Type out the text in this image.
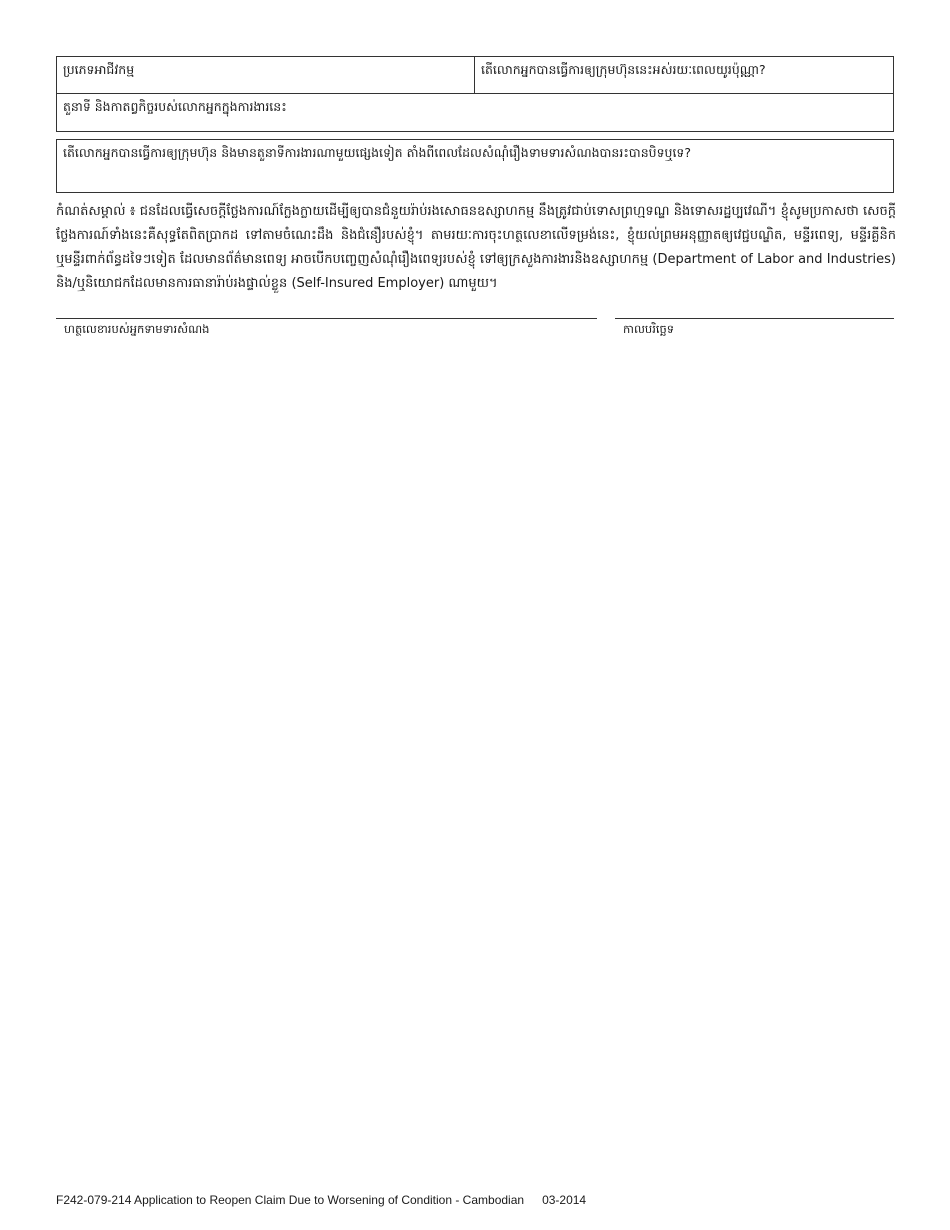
ប្រភេទអាជីវកម្ម	តើលោកអ្នកបានធ្វើការឲ្យក្រុមហ៊ុននេះអស់រយៈពេលយូរប៉ុណ្ណា?
តួនាទី និងកាតព្វកិច្ចរបស់លោកអ្នកក្នុងការងារនេះ
តើលោកអ្នកបានធ្វើការឲ្យក្រុមហ៊ុន និងមានតួនាទីការងារណាមួយផ្សេងទៀត តាំងពីពេលដែលសំណុំរឿងទាមទារសំណងបានរះបានបិទឬទេ?
កំណត់សម្គាល់ ៖ ជនដែលធ្វើសេចក្តីថ្លែងការណ៍ក្លែងក្លាយដើម្បីឲ្យបានជំនួយរ៉ាប់រងសោធនឧស្សាហកម្ម នឹងត្រូវជាប់ទោសព្រហ្មទណ្ឌ និងទោសរដ្ឋប្បវេណី។ ខ្ញុំសូមប្រកាសថា សេចក្តីថ្លែងការណ៍ទាំងនេះគឺសុទ្ធតែពិតប្រាកដ ទៅតាមចំណេះដឹង និងជំនឿរបស់ខ្ញុំ។ តាមរយៈការចុះហត្ថលេខាលើទម្រង់នេះ, ខ្ញុំយល់ព្រមអនុញ្ញាតឲ្យវេជ្ជបណ្ឌិត, មន្ទីរពេទ្យ, មន្ទីរគ្លីនិក ឬមន្ទីរពាក់ព័ន្ធដទៃៗទៀត ដែលមានព័ត៌មានពេទ្យ អាចបើកបញ្ចេញសំណុំរឿងពេទ្យរបស់ខ្ញុំ ទៅឲ្យក្រសួងការងារនិងឧស្សាហកម្ម (Department of Labor and Industries) និង/ឬនិយោជកដែលមានការធានារ៉ាប់រងផ្ទាល់ខ្លួន (Self-Insured Employer) ណាមួយ។
ហត្ថលេខារបស់អ្នកទាមទារសំណង	កាលបរិច្ឆេទ
F242-079-214 Application to Reopen Claim Due to Worsening of Condition - Cambodian 03-2014
